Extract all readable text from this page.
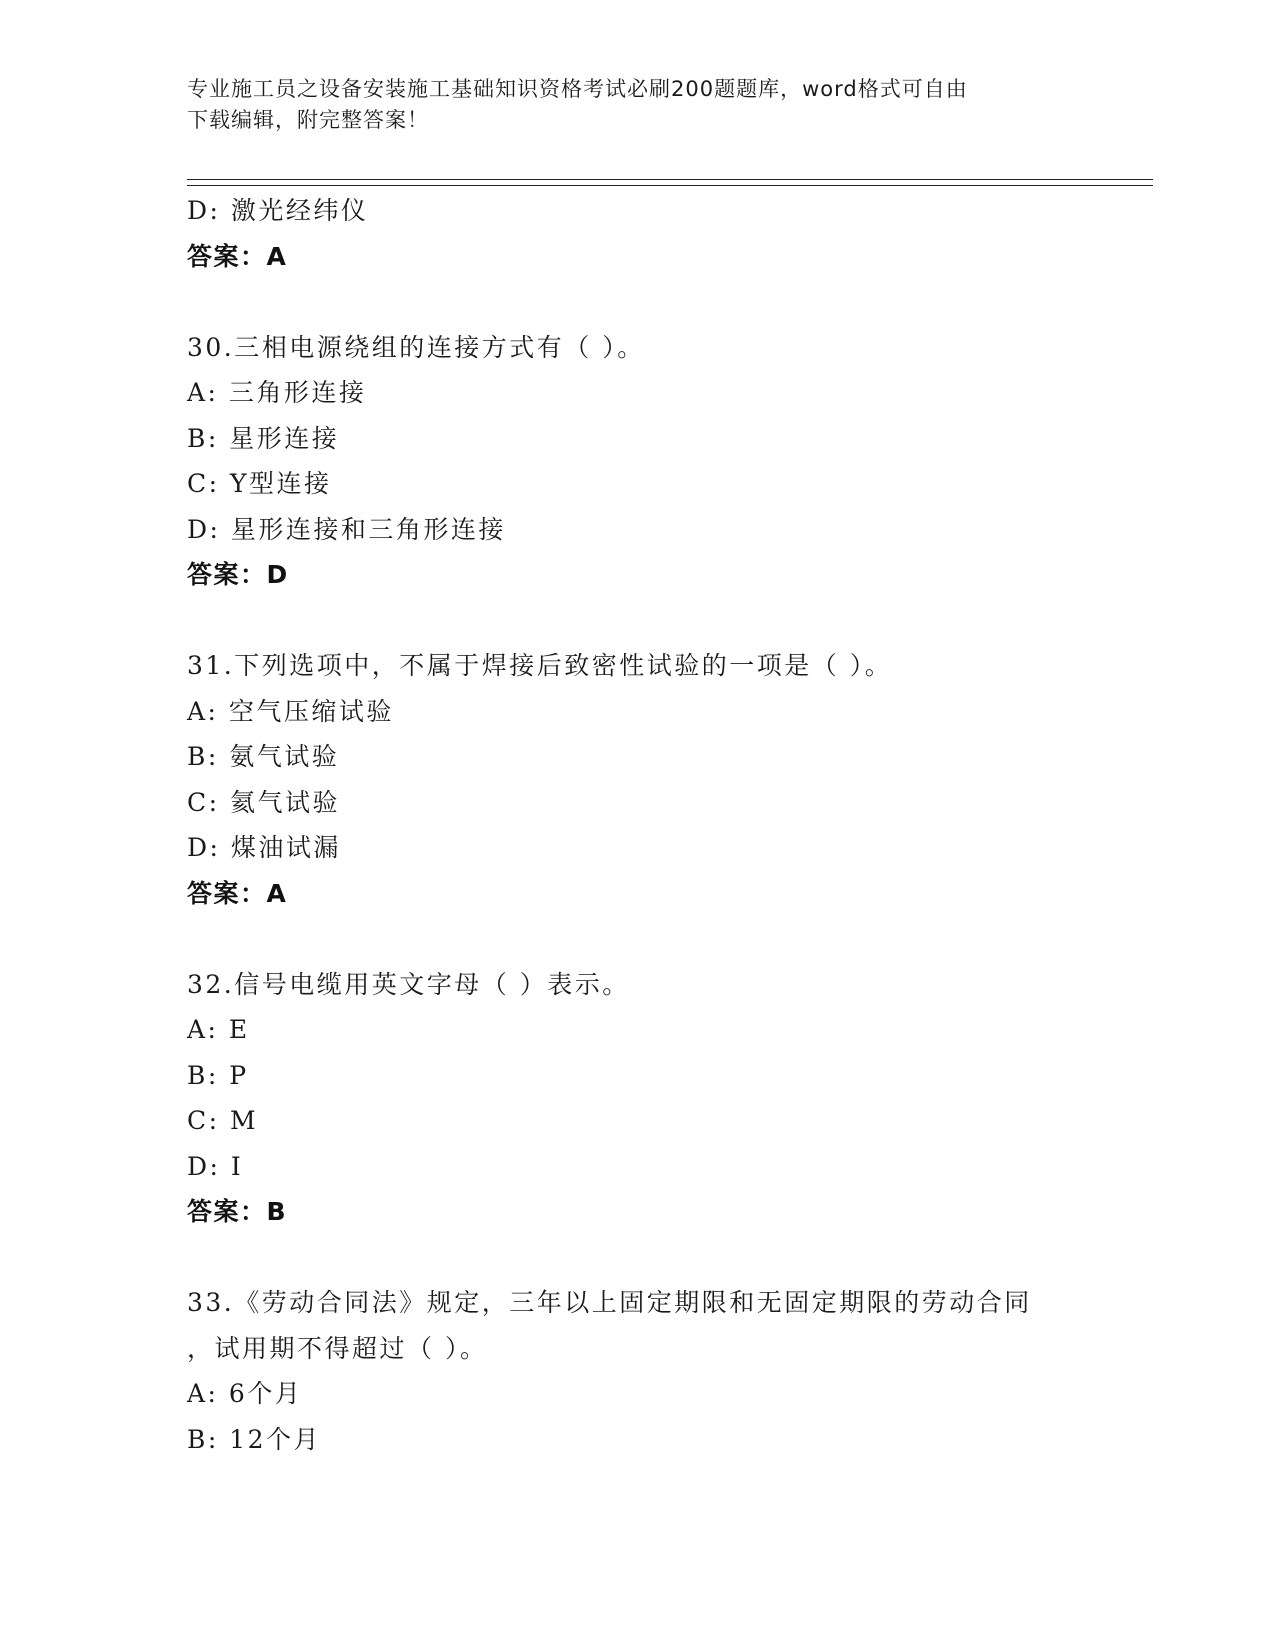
专业施工员之设备安装施工基础知识资格考试必刷200题题库，word格式可自由
下载编辑，附完整答案！
D: 激光经纬仪
答案：A
30.三相电源绕组的连接方式有（ ）。
A: 三角形连接
B: 星形连接
C: Y型连接
D: 星形连接和三角形连接
答案：D
31.下列选项中，不属于焊接后致密性试验的一项是（ ）。
A: 空气压缩试验
B: 氨气试验
C: 氦气试验
D: 煤油试漏
答案：A
32.信号电缆用英文字母（ ）表示。
A: E
B: P
C: M
D: I
答案：B
33.《劳动合同法》规定，三年以上固定期限和无固定期限的劳动合同
，试用期不得超过（ ）。
A: 6个月
B: 12个月
